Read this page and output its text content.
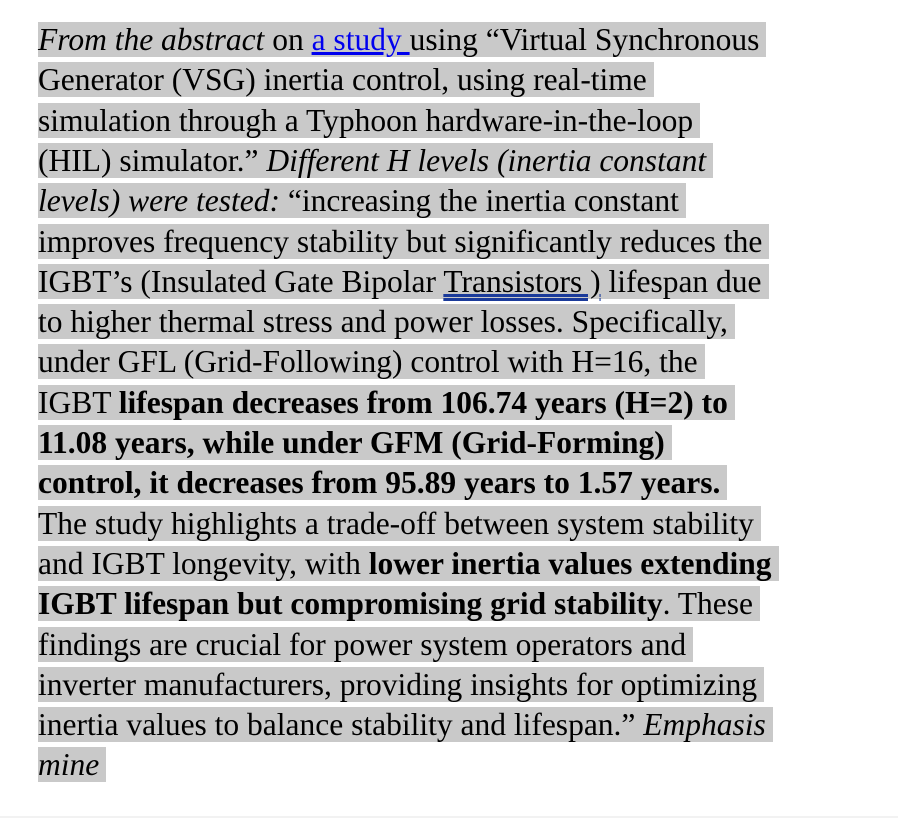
From the abstract on a study using “Virtual Synchronous
Generator (VSG) inertia control, using real-time
simulation through a Typhoon hardware-in-the-loop
(HIL) simulator.” Different H levels (inertia constant
levels) were tested: “increasing the inertia constant
improves frequency stability but significantly reduces the
IGBT’s (Insulated Gate Bipolar Transistors ) lifespan due
to higher thermal stress and power losses. Specifically,
under GFL (Grid-Following) control with H=16, the
IGBT lifespan decreases from 106.74 years (H=2) to
11.08 years, while under GFM (Grid-Forming)
control, it decreases from 95.89 years to 1.57 years.
The study highlights a trade-off between system stability
and IGBT longevity, with lower inertia values extending
IGBT lifespan but compromising grid stability. These
findings are crucial for power system operators and
inverter manufacturers, providing insights for optimizing
inertia values to balance stability and lifespan.” Emphasis
mine
